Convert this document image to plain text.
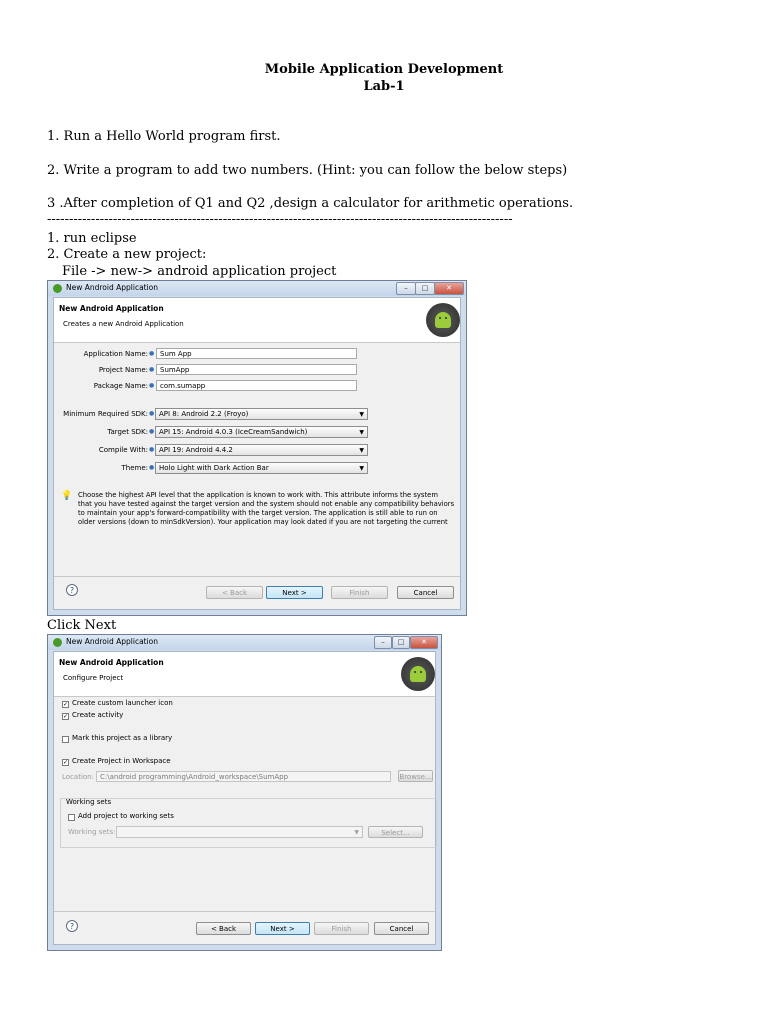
Mobile Application Development
Lab-1
1. Run a Hello World program first.
2. Write a program to add two numbers. (Hint: you can follow the below steps)
3 .After completion of Q1 and Q2 ,design a calculator for arithmetic operations.
----------------------------------------------------------------------------------------------------------
1. run eclipse
2. Create a new project:
File -> new-> android application project
New Android Application	–	□	✕
New Android Application
Creates a new Android Application
Application Name: ● Sum App
Project Name: ● SumApp
Package Name: ● com.sumapp
Minimum Required SDK: ● API 8: Android 2.2 (Froyo)	▼
Target SDK: ● API 15: Android 4.0.3 (IceCreamSandwich)	▼
Compile With: ● API 19: Android 4.4.2	▼
Theme: ● Holo Light with Dark Action Bar	▼
💡 Choose the highest API level that the application is known to work with. This attribute informs the system
that you have tested against the target version and the system should not enable any compatibility behaviors
to maintain your app's forward-compatibility with the target version. The application is still able to run on
older versions (down to minSdkVersion). Your application may look dated if you are not targeting the current
?	< Back	Next >	Finish	Cancel
Click Next
New Android Application	–	□	✕
New Android Application
Configure Project
✓ Create custom launcher icon
✓ Create activity
Mark this project as a library
✓ Create Project in Workspace
Location: C:\android programming\Android_workspace\SumApp	Browse...
Working sets
Add project to working sets
Working sets:	▼	Select...
?	< Back	Next >	Finish	Cancel
